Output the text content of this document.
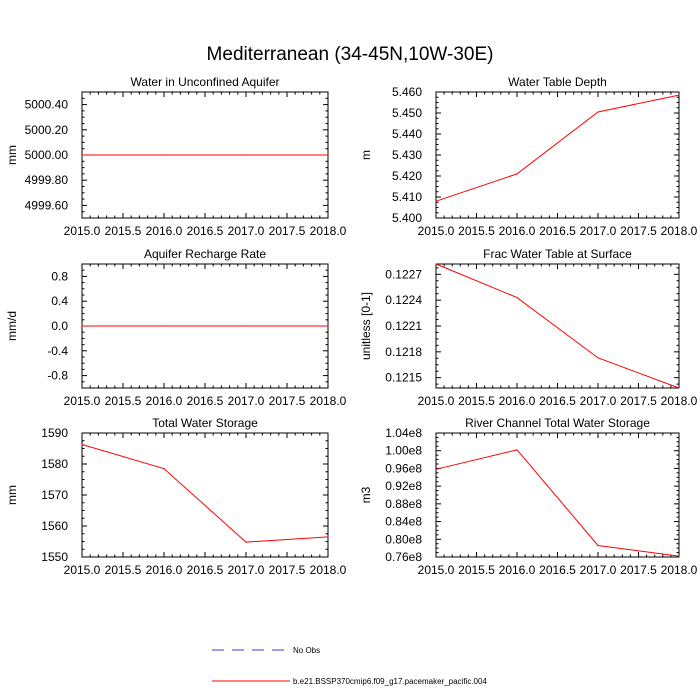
Mediterranean (34-45N,10W-30E)
Water in Unconfined Aquifer
mm
2015.0 2015.5 2016.0 2016.5 2017.0 2017.5 2018.0
4999.60
4999.80
5000.00
5000.20
5000.40
Water Table Depth
m
2015.0 2015.5 2016.0 2016.5 2017.0 2017.5 2018.0
5.400
5.410
5.420
5.430
5.440
5.450
5.460
Aquifer Recharge Rate
mm/d
2015.0 2015.5 2016.0 2016.5 2017.0 2017.5 2018.0
-0.8
-0.4
0.0
0.4
0.8
Frac Water Table at Surface
unitless [0-1]
2015.0 2015.5 2016.0 2016.5 2017.0 2017.5 2018.0
0.1215
0.1218
0.1221
0.1224
0.1227
Total Water Storage
mm
2015.0 2015.5 2016.0 2016.5 2017.0 2017.5 2018.0
1550
1560
1570
1580
1590
River Channel Total Water Storage
m3
2015.0 2015.5 2016.0 2016.5 2017.0 2017.5 2018.0
0.76e8
0.80e8
0.84e8
0.88e8
0.92e8
0.96e8
1.00e8
1.04e8
No Obs
b.e21.BSSP370cmip6.f09_g17.pacemaker_pacific.004
